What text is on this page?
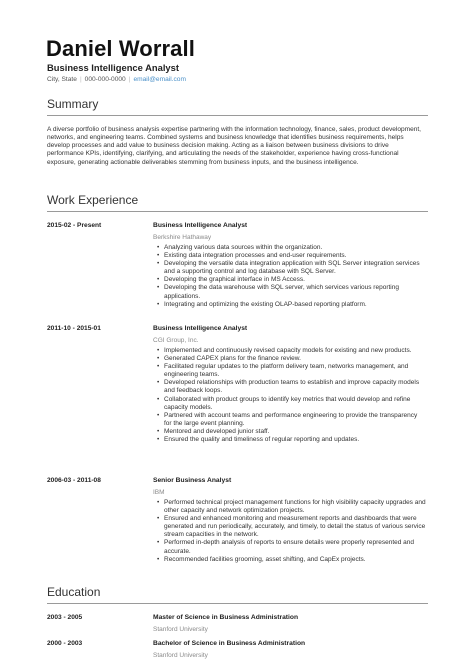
Daniel Worrall
Business Intelligence Analyst
City, State | 000-000-0000 | email@email.com
Summary
A diverse portfolio of business analysis expertise partnering with the information technology, finance, sales, product development, networks, and engineering teams. Combined systems and business knowledge that identifies business requirements, helps develop processes and add value to business decision making. Acting as a liaison between business divisions to drive performance KPIs, identifying, clarifying, and articulating the needs of the stakeholder, experience having cross-functional exposure, generating actionable deliverables stemming from business inputs, and the business intelligence.
Work Experience
2015-02 - Present	Business Intelligence Analyst
Berkshire Hathaway
• Analyzing various data sources within the organization.
• Existing data integration processes and end-user requirements.
• Developing the versatile data integration application with SQL Server integration services and a supporting control and log database with SQL Server.
• Developing the graphical interface in MS Access.
• Developing the data warehouse with SQL server, which services various reporting applications.
• Integrating and optimizing the existing OLAP-based reporting platform.
2011-10 - 2015-01	Business Intelligence Analyst
CGI Group, Inc.
• Implemented and continuously revised capacity models for existing and new products.
• Generated CAPEX plans for the finance review.
• Facilitated regular updates to the platform delivery team, networks management, and engineering teams.
• Developed relationships with production teams to establish and improve capacity models and feedback loops.
• Collaborated with product groups to identify key metrics that would develop and refine capacity models.
• Partnered with account teams and performance engineering to provide the transparency for the large event planning.
• Mentored and developed junior staff.
• Ensured the quality and timeliness of regular reporting and updates.
2006-03 - 2011-08	Senior Business Analyst
IBM
• Performed technical project management functions for high visibility capacity upgrades and other capacity and network optimization projects.
• Ensured and enhanced monitoring and measurement reports and dashboards that were generated and run periodically, accurately, and timely, to detail the status of various service stream capacities in the network.
• Performed in-depth analysis of reports to ensure details were properly represented and accurate.
• Recommended facilities grooming, asset shifting, and CapEx projects.
Education
2003 - 2005	Master of Science in Business Administration
Stanford University
2000 - 2003	Bachelor of Science in Business Administration
Stanford University
